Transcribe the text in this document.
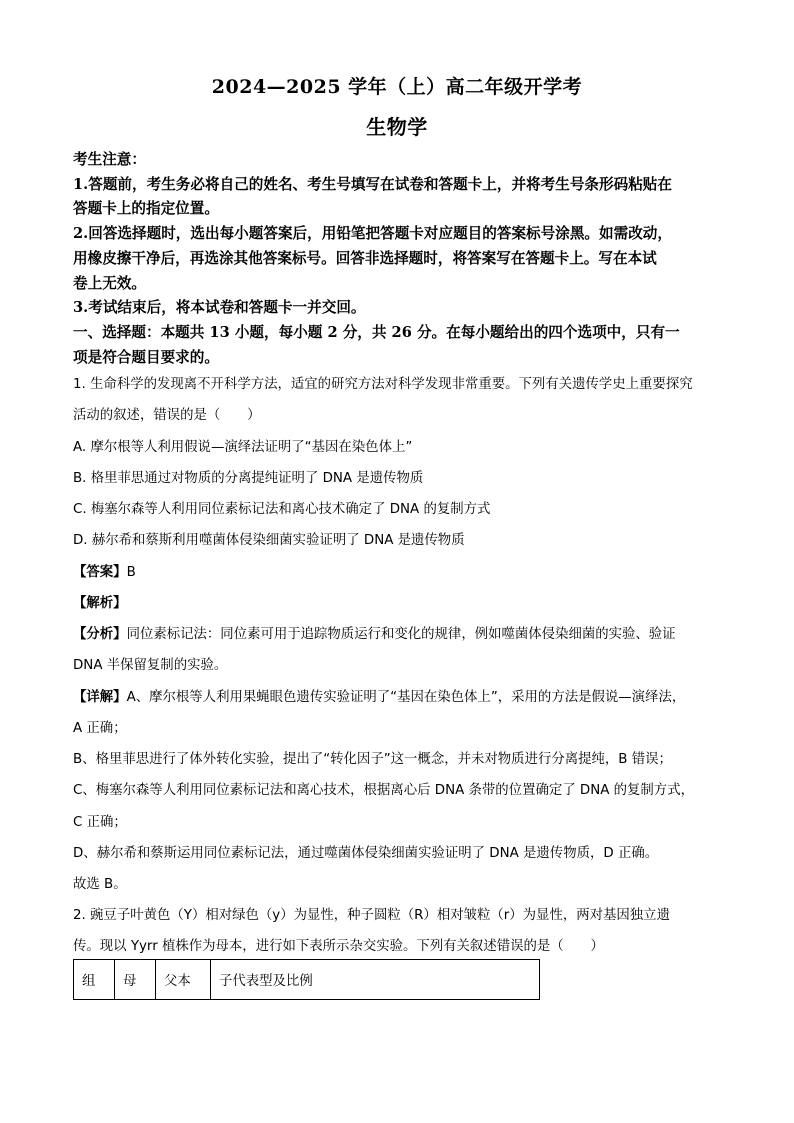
2024—2025 学年（上）高二年级开学考
生物学
考生注意：
1.答题前，考生务必将自己的姓名、考生号填写在试卷和答题卡上，并将考生号条形码粘贴在
答题卡上的指定位置。
2.回答选择题时，选出每小题答案后，用铅笔把答题卡对应题目的答案标号涂黑。如需改动，
用橡皮擦干净后，再选涂其他答案标号。回答非选择题时，将答案写在答题卡上。写在本试
卷上无效。
3.考试结束后，将本试卷和答题卡一并交回。
一、选择题：本题共 13 小题，每小题 2 分，共 26 分。在每小题给出的四个选项中，只有一
项是符合题目要求的。
1. 生命科学的发现离不开科学方法，适宜的研究方法对科学发现非常重要。下列有关遗传学史上重要探究
活动的叙述，错误的是（　　）
A. 摩尔根等人利用假说—演绎法证明了“基因在染色体上”
B. 格里菲思通过对物质的分离提纯证明了 DNA 是遗传物质
C. 梅塞尔森等人利用同位素标记法和离心技术确定了 DNA 的复制方式
D. 赫尔希和蔡斯利用噬菌体侵染细菌实验证明了 DNA 是遗传物质
【答案】B
【解析】
【分析】同位素标记法：同位素可用于追踪物质运行和变化的规律，例如噬菌体侵染细菌的实验、验证
DNA 半保留复制的实验。
【详解】A、摩尔根等人利用果蝇眼色遗传实验证明了“基因在染色体上”，采用的方法是假说—演绎法，
A 正确；
B、格里菲思进行了体外转化实验，提出了“转化因子”这一概念，并未对物质进行分离提纯，B 错误；
C、梅塞尔森等人利用同位素标记法和离心技术，根据离心后 DNA 条带的位置确定了 DNA 的复制方式，
C 正确；
D、赫尔希和蔡斯运用同位素标记法，通过噬菌体侵染细菌实验证明了 DNA 是遗传物质，D 正确。
故选 B。
2. 豌豆子叶黄色（Y）相对绿色（y）为显性，种子圆粒（R）相对皱粒（r）为显性，两对基因独立遗
传。现以 Yyrr 植株作为母本，进行如下表所示杂交实验。下列有关叙述错误的是（　　）
组	母	父本	子代表型及比例
